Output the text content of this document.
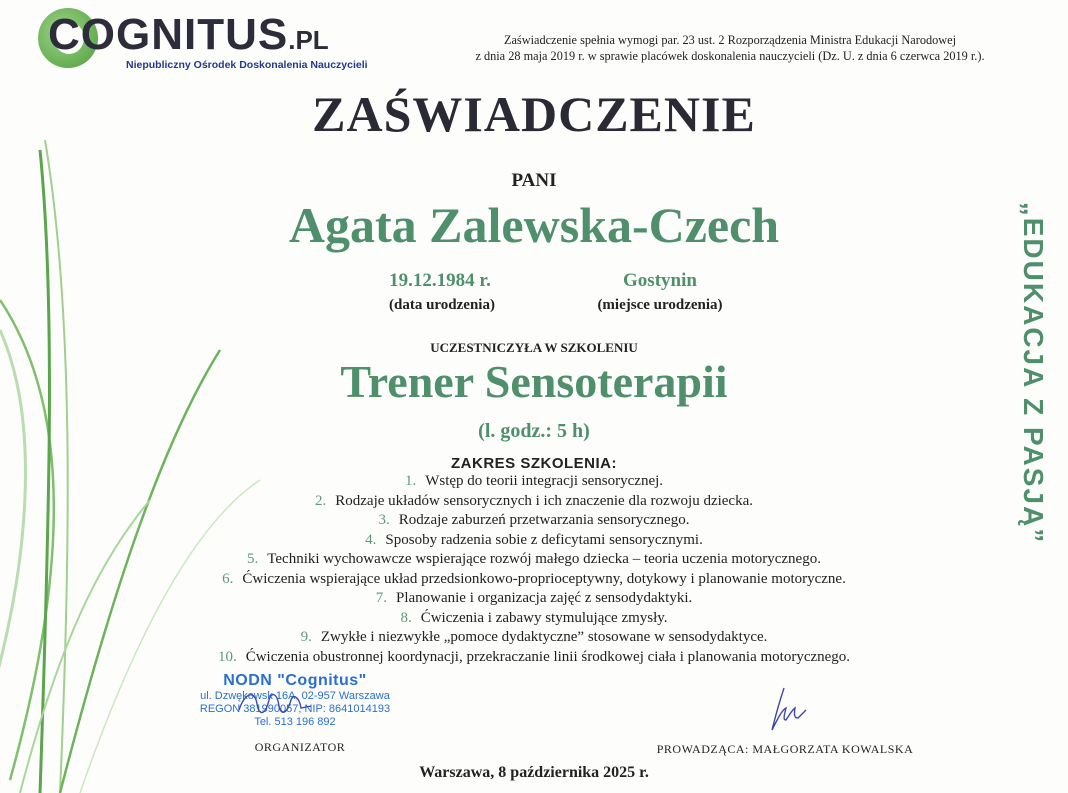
COGNITUS.PL
Niepubliczny Ośrodek Doskonalenia Nauczycieli
Zaświadczenie spełnia wymogi par. 23 ust. 2 Rozporządzenia Ministra Edukacji Narodowej
z dnia 28 maja 2019 r. w sprawie placówek doskonalenia nauczycieli (Dz. U. z dnia 6 czerwca 2019 r.).
ZAŚWIADCZENIE
PANI
Agata Zalewska-Czech
19.12.1984 r.
(data urodzenia)
Gostynin
(miejsce urodzenia)
UCZESTNICZYŁA W SZKOLENIU
Trener Sensoterapii
(l. godz.: 5 h)
ZAKRES SZKOLENIA:
1. Wstęp do teorii integracji sensorycznej.
2. Rodzaje układów sensorycznych i ich znaczenie dla rozwoju dziecka.
3. Rodzaje zaburzeń przetwarzania sensorycznego.
4. Sposoby radzenia sobie z deficytami sensorycznymi.
5. Techniki wychowawcze wspierające rozwój małego dziecka – teoria uczenia motorycznego.
6. Ćwiczenia wspierające układ przedsionkowo-proprioceptywny, dotykowy i planowanie motoryczne.
7. Planowanie i organizacja zajęć z sensodydaktyki.
8. Ćwiczenia i zabawy stymulujące zmysły.
9. Zwykłe i niezwykłe „pomoce dydaktyczne” stosowane w sensodydaktyce.
10. Ćwiczenia obustronnej koordynacji, przekraczanie linii środkowej ciała i planowania motorycznego.
NODN "Cognitus"
ul. Dzwękowsk 16A, 02-957 Warszawa
REGON 381990057, NIP: 8641014193
Tel. 513 196 892
ORGANIZATOR	PROWADZĄCA: MAŁGORZATA KOWALSKA
Warszawa, 8 października 2025 r.
„EDUKACJA Z PASJĄ”
